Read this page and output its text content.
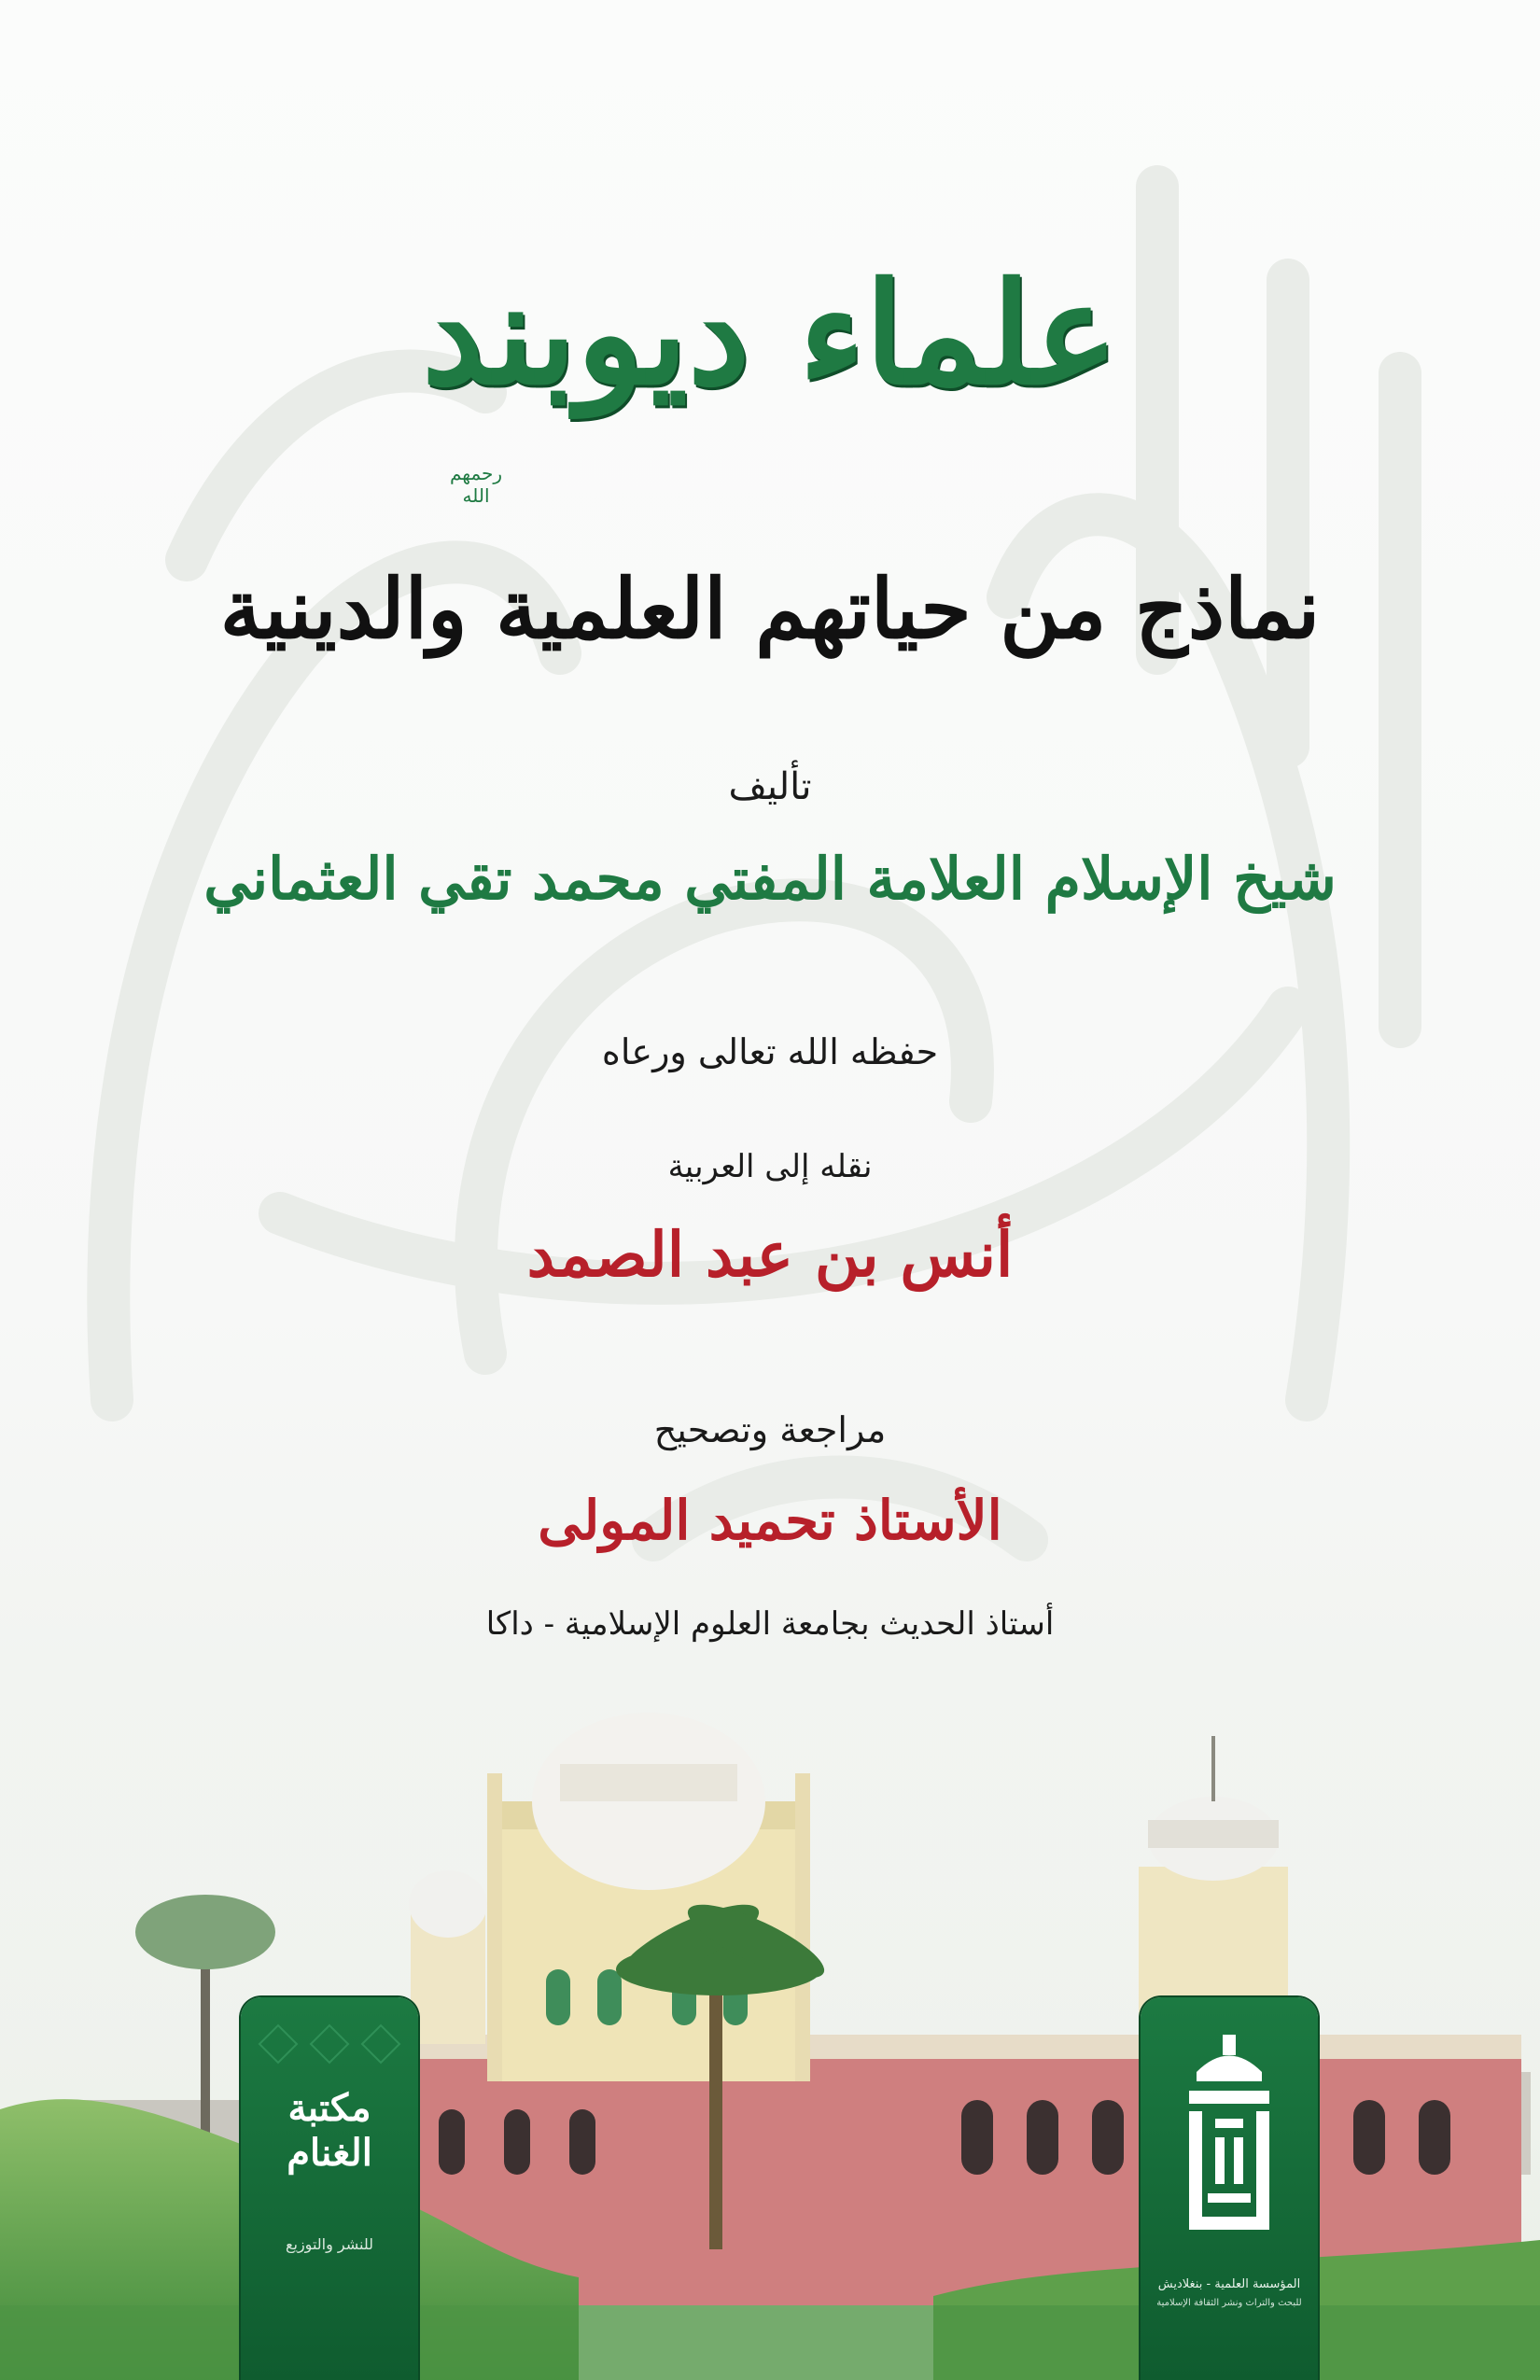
علماء ديوبند
رحمهم الله
نماذج من حياتهم العلمية والدينية
تأليف
شيخ الإسلام العلامة المفتي محمد تقي العثماني
حفظه الله تعالى ورعاه
نقله إلى العربية
أنس بن عبد الصمد
مراجعة وتصحيح
الأستاذ تحميد المولى
أستاذ الحديث بجامعة العلوم الإسلامية - داكا
مكتبة
الغنام
للنشر والتوزيع
المؤسسة العلمية - بنغلاديش
للبحث والتراث ونشر الثقافة الإسلامية
